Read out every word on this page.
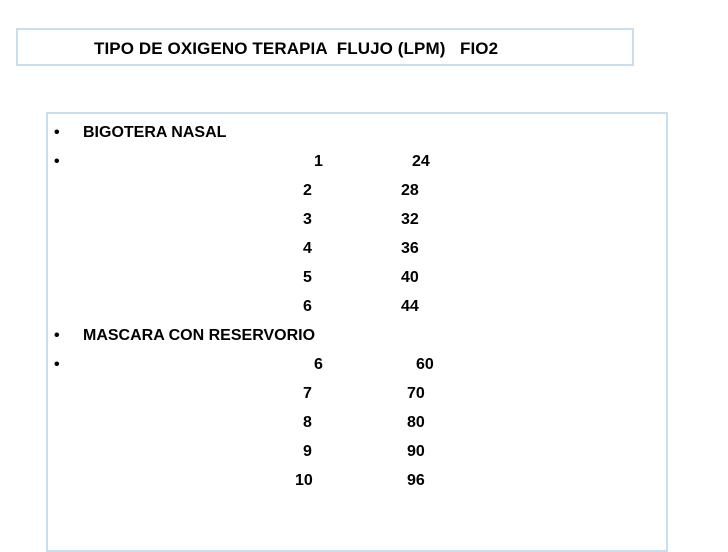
TIPO DE OXIGENO TERAPIA  FLUJO (LPM)   FIO2
• BIGOTERA NASAL
•	1	24
2	28
3	32
4	36
5	40
6	44
• MASCARA CON RESERVORIO
•	6	60
7	70
8	80
9	90
10	96
